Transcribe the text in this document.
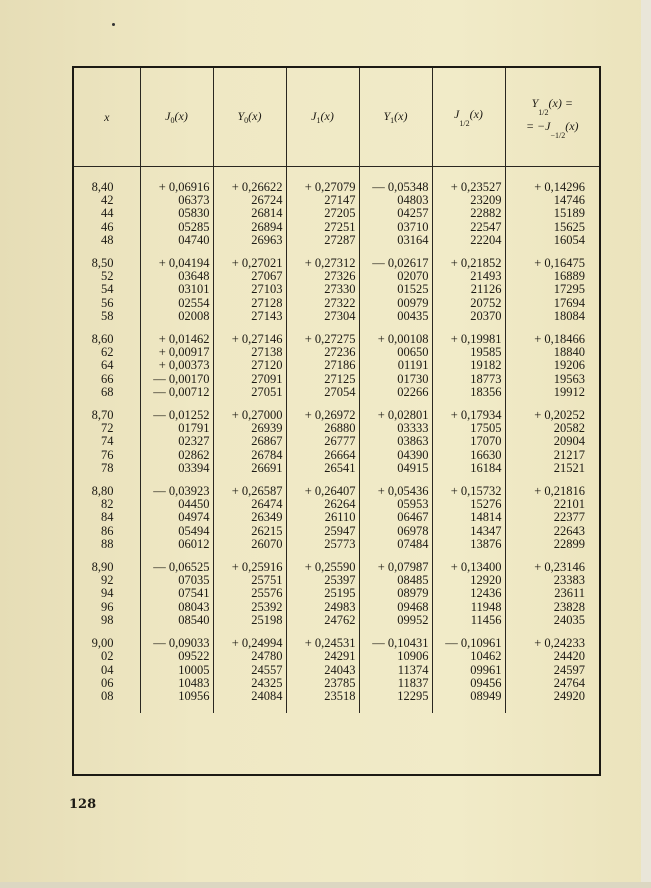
x	$J_0(x)$	$Y_0(x)$	$J_1(x)$	$Y_1(x)$	J1/2(x)	Y1/2(x) =
= −J−1/2(x)

8,40	+ 0,06916	+ 0,26622	+ 0,27079	— 0,05348	+ 0,23527	+ 0,14296
42	06373	26724	27147	04803	23209	14746
44	05830	26814	27205	04257	22882	15189
46	05285	26894	27251	03710	22547	15625
48	04740	26963	27287	03164	22204	16054

8,50	+ 0,04194	+ 0,27021	+ 0,27312	— 0,02617	+ 0,21852	+ 0,16475
52	03648	27067	27326	02070	21493	16889
54	03101	27103	27330	01525	21126	17295
56	02554	27128	27322	00979	20752	17694
58	02008	27143	27304	00435	20370	18084

8,60	+ 0,01462	+ 0,27146	+ 0,27275	+ 0,00108	+ 0,19981	+ 0,18466
62	+ 0,00917	27138	27236	00650	19585	18840
64	+ 0,00373	27120	27186	01191	19182	19206
66	— 0,00170	27091	27125	01730	18773	19563
68	— 0,00712	27051	27054	02266	18356	19912

8,70	— 0,01252	+ 0,27000	+ 0,26972	+ 0,02801	+ 0,17934	+ 0,20252
72	01791	26939	26880	03333	17505	20582
74	02327	26867	26777	03863	17070	20904
76	02862	26784	26664	04390	16630	21217
78	03394	26691	26541	04915	16184	21521

8,80	— 0,03923	+ 0,26587	+ 0,26407	+ 0,05436	+ 0,15732	+ 0,21816
82	04450	26474	26264	05953	15276	22101
84	04974	26349	26110	06467	14814	22377
86	05494	26215	25947	06978	14347	22643
88	06012	26070	25773	07484	13876	22899

8,90	— 0,06525	+ 0,25916	+ 0,25590	+ 0,07987	+ 0,13400	+ 0,23146
92	07035	25751	25397	08485	12920	23383
94	07541	25576	25195	08979	12436	23611
96	08043	25392	24983	09468	11948	23828
98	08540	25198	24762	09952	11456	24035

9,00	— 0,09033	+ 0,24994	+ 0,24531	— 0,10431	— 0,10961	+ 0,24233
02	09522	24780	24291	10906	10462	24420
04	10005	24557	24043	11374	09961	24597
06	10483	24325	23785	11837	09456	24764
08	10956	24084	23518	12295	08949	24920

128
